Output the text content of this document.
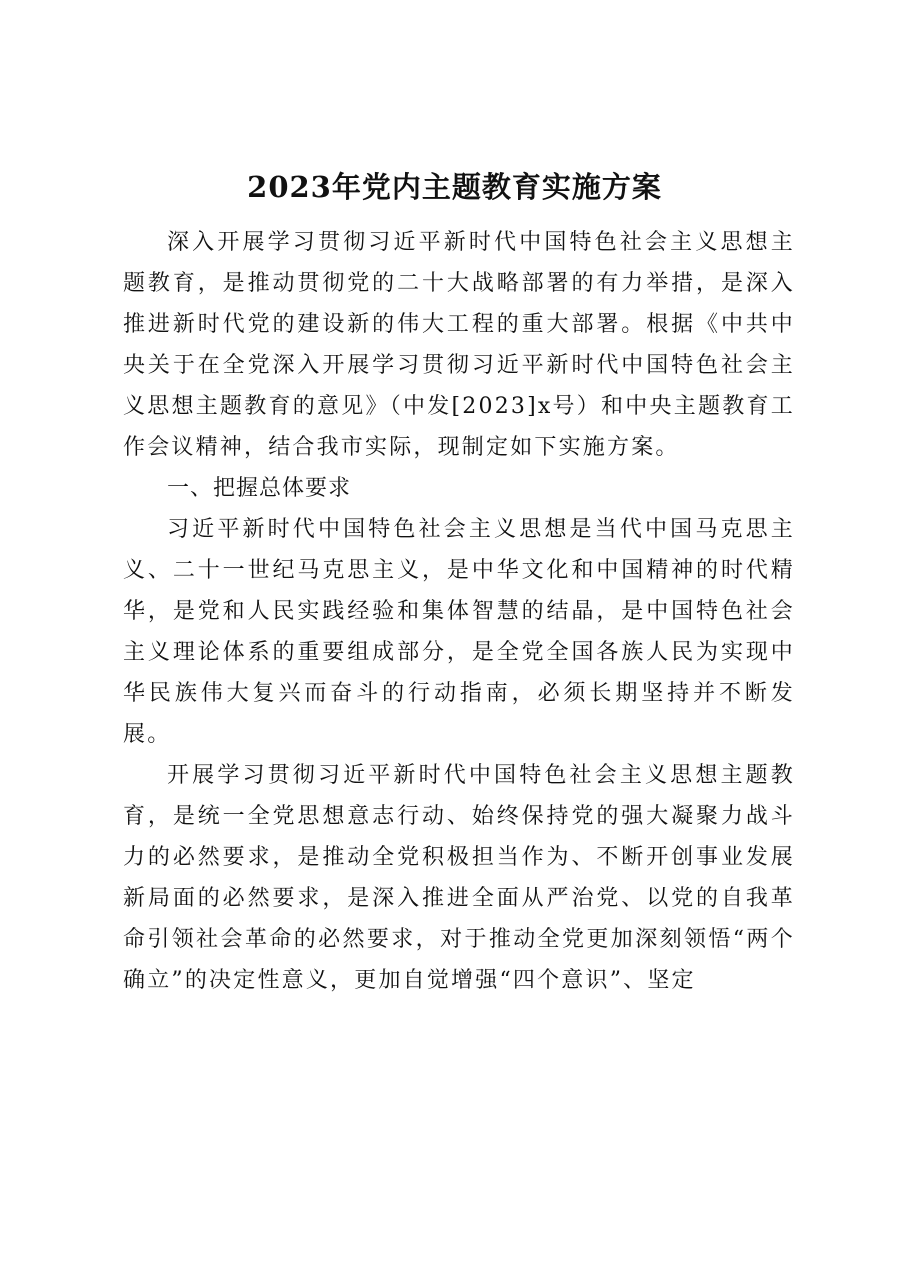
2023年党内主题教育实施方案

深入开展学习贯彻习近平新时代中国特色社会主义思想主题教育，是推动贯彻党的二十大战略部署的有力举措，是深入推进新时代党的建设新的伟大工程的重大部署。根据《中共中央关于在全党深入开展学习贯彻习近平新时代中国特色社会主义思想主题教育的意见》（中发[2023]x号）和中央主题教育工作会议精神，结合我市实际，现制定如下实施方案。

一、把握总体要求

习近平新时代中国特色社会主义思想是当代中国马克思主义、二十一世纪马克思主义，是中华文化和中国精神的时代精华，是党和人民实践经验和集体智慧的结晶，是中国特色社会主义理论体系的重要组成部分，是全党全国各族人民为实现中华民族伟大复兴而奋斗的行动指南，必须长期坚持并不断发展。

开展学习贯彻习近平新时代中国特色社会主义思想主题教育，是统一全党思想意志行动、始终保持党的强大凝聚力战斗力的必然要求，是推动全党积极担当作为、不断开创事业发展新局面的必然要求，是深入推进全面从严治党、以党的自我革命引领社会革命的必然要求，对于推动全党更加深刻领悟“两个确立”的决定性意义，更加自觉增强“四个意识”、坚定
